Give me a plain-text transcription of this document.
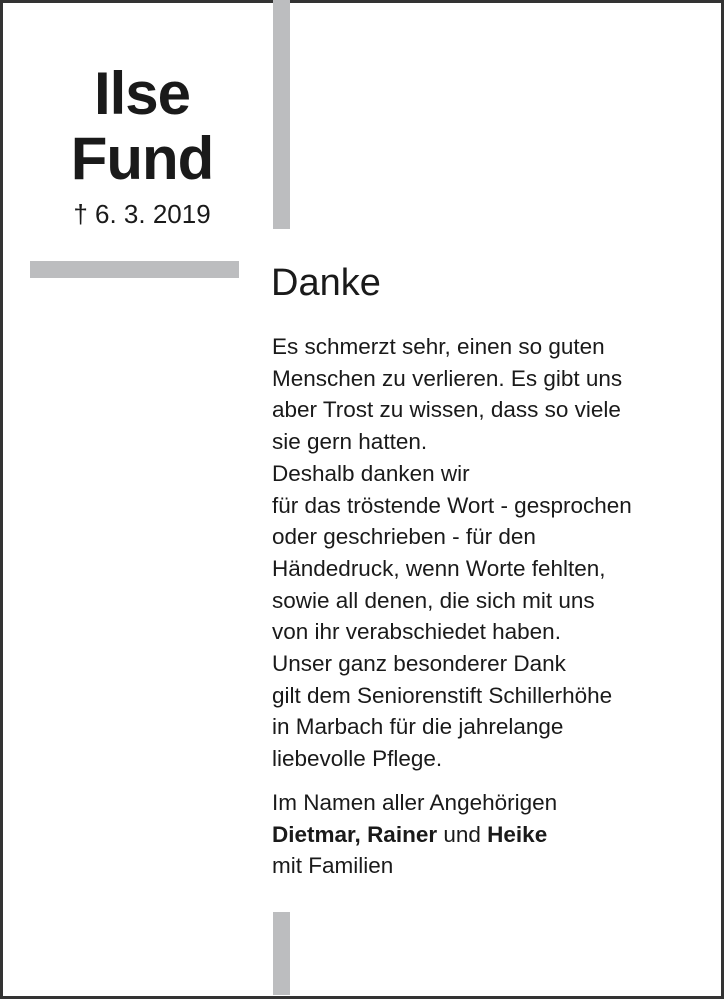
Ilse
Fund
† 6. 3. 2019
Danke
Es schmerzt sehr, einen so guten
Menschen zu verlieren. Es gibt uns
aber Trost zu wissen, dass so viele
sie gern hatten.
Deshalb danken wir
für das tröstende Wort - gesprochen
oder geschrieben - für den
Händedruck, wenn Worte fehlten,
sowie all denen, die sich mit uns
von ihr verabschiedet haben.
Unser ganz besonderer Dank
gilt dem Seniorenstift Schillerhöhe
in Marbach für die jahrelange
liebevolle Pflege.
Im Namen aller Angehörigen
Dietmar, Rainer und Heike
mit Familien
